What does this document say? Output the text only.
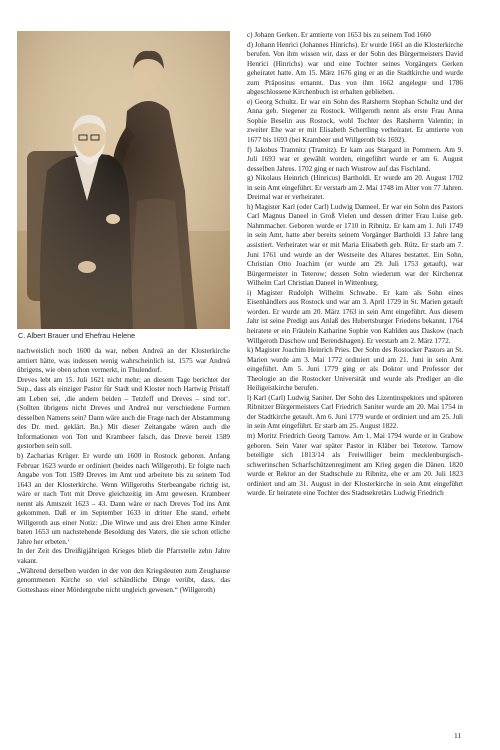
C. Albert Brauer und Ehefrau Helene

nachweislich noch 1600 da war, neben Andreä an der Klosterkirche amtiert hätte, was indessen wenig wahrscheinlich ist. 1575 war Andreä übrigens, wie oben schon vermerkt, in Thulendorf.

Dreves lebt am 15. Juli 1621 nicht mehr; an diesem Tage berichtet der Sup., dass als einziger Pastor für Stadt und Kloster noch Hartwig Pristaff am Leben sei, ‚die andern beiden – Tetzleff und Dreves – sind tot‘. (Sollten übrigens nicht Dreves und Andreä nur verschiedene Formen desselben Namens sein? Dann wäre auch die Frage nach der Abstammung des Dr. med. geklärt. Bn.) Mit dieser Zeitangabe wären auch die Informationen von Tott und Krambeer falsch, das Dreve bereit 1589 gestorben sein soll.

b) Zacharias Krüger. Er wurde um 1600 in Rostock geboren. Anfang Februar 1623 wurde er ordiniert (beides nach Willgeroth). Er folgte nach Angabe von Tott 1589 Dreves im Amt und arbeitete bis zu seinem Tod 1643 an der Klosterkirche. Wenn Willgeroths Sterbeangabe richtig ist, wäre er nach Tott mit Dreve gleichzeitig im Amt gewesen. Krambeer nennt als Amtszeit 1623 – 43. Dann wäre er nach Dreves Tod ins Amt gekommen. Daß er im September 1633 in dritter Ehe stand, erhebt Willgeroth aus einer Notiz: ‚Die Witwe und aus drei Ehen arme Kinder baten 1653 um nachstehende Besoldung des Vaters, die sie schon etliche Jahre her erbeten.‘

In der Zeit des Dreißigjährigen Krieges blieb die Pfarrstelle zehn Jahre vakant.

„Während derselben wurden in der von den Kriegsleuten zum Zeughause genommenen Kirche so viel schändliche Dinge verübt, dass, das Gotteshaus einer Mördergrube nicht ungleich gewesen.“ (Willgeroth)

c) Johann Gerken. Er amtierte von 1653 bis zu seinem Tod 1660

d) Johann Henrici (Johannes Hinrichs). Er wurde 1661 an die Klosterkirche berufen. Von ihm wissen wir, dass er der Sohn des Bürgermeisters David Henrici (Hinrichs) war und eine Tochter seines Vorgängers Gerken geheiratet hatte. Am 15. März 1676 ging er an die Stadtkirche und wurde zum Präpositus ernannt. Das von ihm 1662 angelegte und 1786 abgeschlossene Kirchenbuch ist erhalten geblieben.

e) Georg Schultz. Er war ein Sohn des Ratsherrn Stephan Schultz und der Anna geb. Stegener zu Rostock. Willgeroth nennt als erste Frau Anna Sophie Beselin aus Rostock, wohl Tochter des Ratsherrn Valentin; in zweiter Ehe war er mit Elisabeth Schertling verheiratet. Er amtierte von 1677 bis 1693 (bei Krambeer und Willgeroth bis 1692).

f) Jakobus Tramnitz (Tramitz). Er kam aus Stargard in Pommern. Am 9. Juli 1693 war er gewählt worden, eingeführt wurde er am 6. August desselben Jahres. 1702 ging er nach Wustrow auf das Fischland.

g) Nikolaus Heinrich (Hinricus) Bartholdi. Er wurde am 20. August 1702 in sein Amt eingeführt. Er verstarb am 2. Mai 1748 im Alter von 77 Jahren. Dreimal war er verheiratet.

h) Magister Karl (oder Carl) Ludwig Danneel. Er war ein Sohn des Pastors Carl Magnus Daneel in Groß Vielen und dessen dritter Frau Luise geb. Nahmmacher. Geboren wurde er 1710 in Ribnitz. Er kam am 1. Juli 1749 in sein Amt, hatte aber bereits seinem Vorgänger Bartholdi 13 Jahre lang assistiert. Verheiratet war er mit Maria Elisabeth geb. Rütz. Er starb am 7. Juni 1761 und wurde an der Westseite des Altares bestattet. Ein Sohn, Christian Otto Joachim (er wurde am 29. Juli 1753 getauft), war Bürgermeister in Teterow; dessen Sohn wiederum war der Kirchenrat Wilhelm Carl Christian Daneel in Wittenburg.

i) Magister Rudolph Wilhelm Schwabe. Er kam als Sohn eines Eisenhändlers aus Rostock und war am 3. April 1729 in St. Marien getauft worden. Er wurde am 20. März 1763 in sein Amt eingeführt. Aus diesem Jahr ist seine Predigt aus Anlaß des Hubertsburger Friedens bekannt. 1764 heiratete er ein Fräulein Katharine Sophie von Kahlden aus Daskow (nach Willgeroth Daschow und Berendshagen). Er verstarb am 2. März 1772.

k) Magister Joachim Heinrich Pries. Der Sohn des Rostocker Pastors an St. Marien wurde am 3. Mai 1772 ordiniert und am 21. Juni in sein Amt eingeführt. Am 5. Juni 1779 ging er als Doktor und Professor der Theologie an die Rostocker Universität und wurde als Prediger an die Heiligeistkirche berufen.

l) Karl (Carl) Ludwig Saniter. Der Sohn des Lizentinspektors und späteren Ribnitzer Bürgermeisters Carl Friedrich Saniter wurde am 20. Mai 1754 in der Stadtkirche getauft. Am 6. Juni 1779 wurde er ordiniert und am 25. Juli in sein Amt eingeführt. Er starb am 25. August 1822.

m) Moritz Friedrich Georg Tarnow. Am 1. Mai 1794 wurde er in Grabow geboren. Sein Vater war später Pastor in Kläber bei Teterow. Tarnow beteiligte sich 1813/14 als Freiwilliger beim mecklenburgisch-schwerinschen Scharfschützenregiment am Krieg gegen die Dänen. 1820 wurde er Rektor an der Stadtschule zu Ribnitz, ehe er am 20. Juli 1823 ordiniert und am 31. August in der Klosterkirche in sein Amt eingeführt wurde. Er heiratete eine Tochter des Stadtsekretärs Ludwig Friedrich

11
